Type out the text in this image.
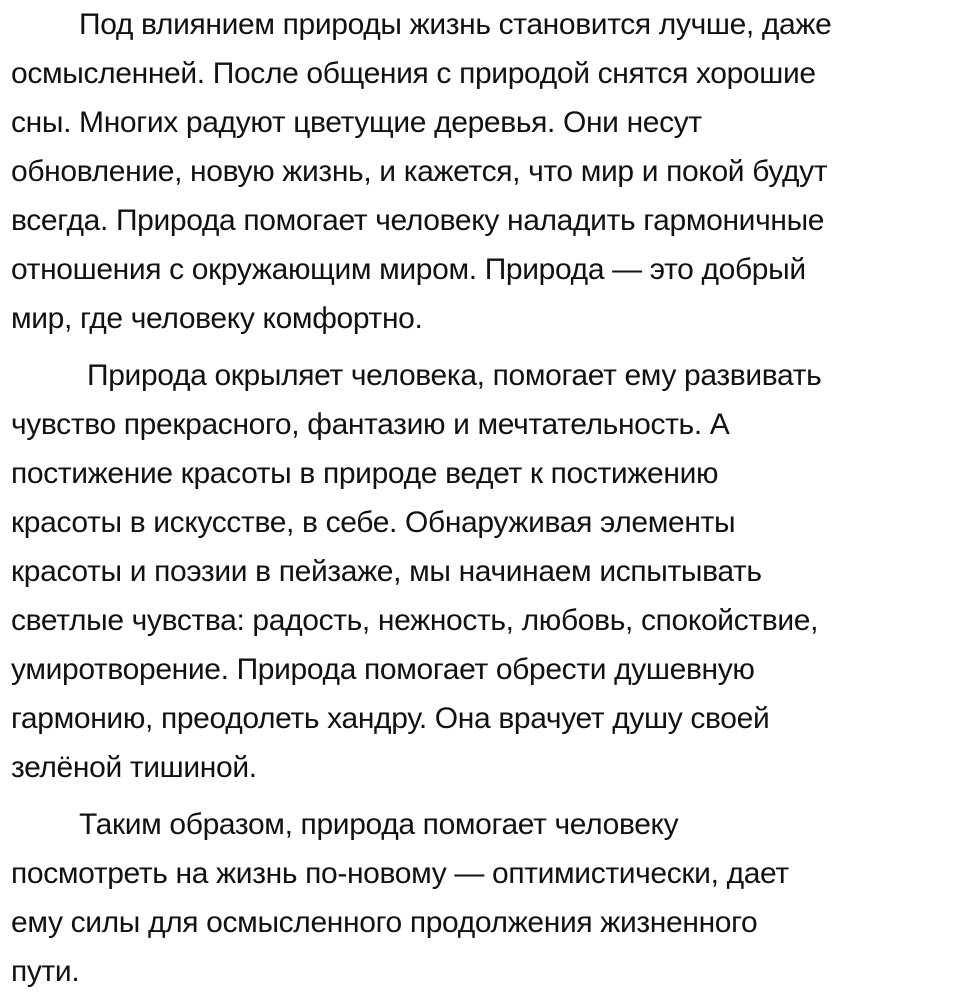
Под влиянием природы жизнь становится лучше, даже
осмысленней. После общения с природой снятся хорошие
сны. Многих радуют цветущие деревья. Они несут
обновление, новую жизнь, и кажется, что мир и покой будут
всегда. Природа помогает человеку наладить гармоничные
отношения с окружающим миром. Природа — это добрый
мир, где человеку комфортно.
Природа окрыляет человека, помогает ему развивать
чувство прекрасного, фантазию и мечтательность. А
постижение красоты в природе ведет к постижению
красоты в искусстве, в себе. Обнаруживая элементы
красоты и поэзии в пейзаже, мы начинаем испытывать
светлые чувства: радость, нежность, любовь, спокойствие,
умиротворение. Природа помогает обрести душевную
гармонию, преодолеть хандру. Она врачует душу своей
зелёной тишиной.
Таким образом, природа помогает человеку
посмотреть на жизнь по-новому — оптимистически, дает
ему силы для осмысленного продолжения жизненного
пути.
